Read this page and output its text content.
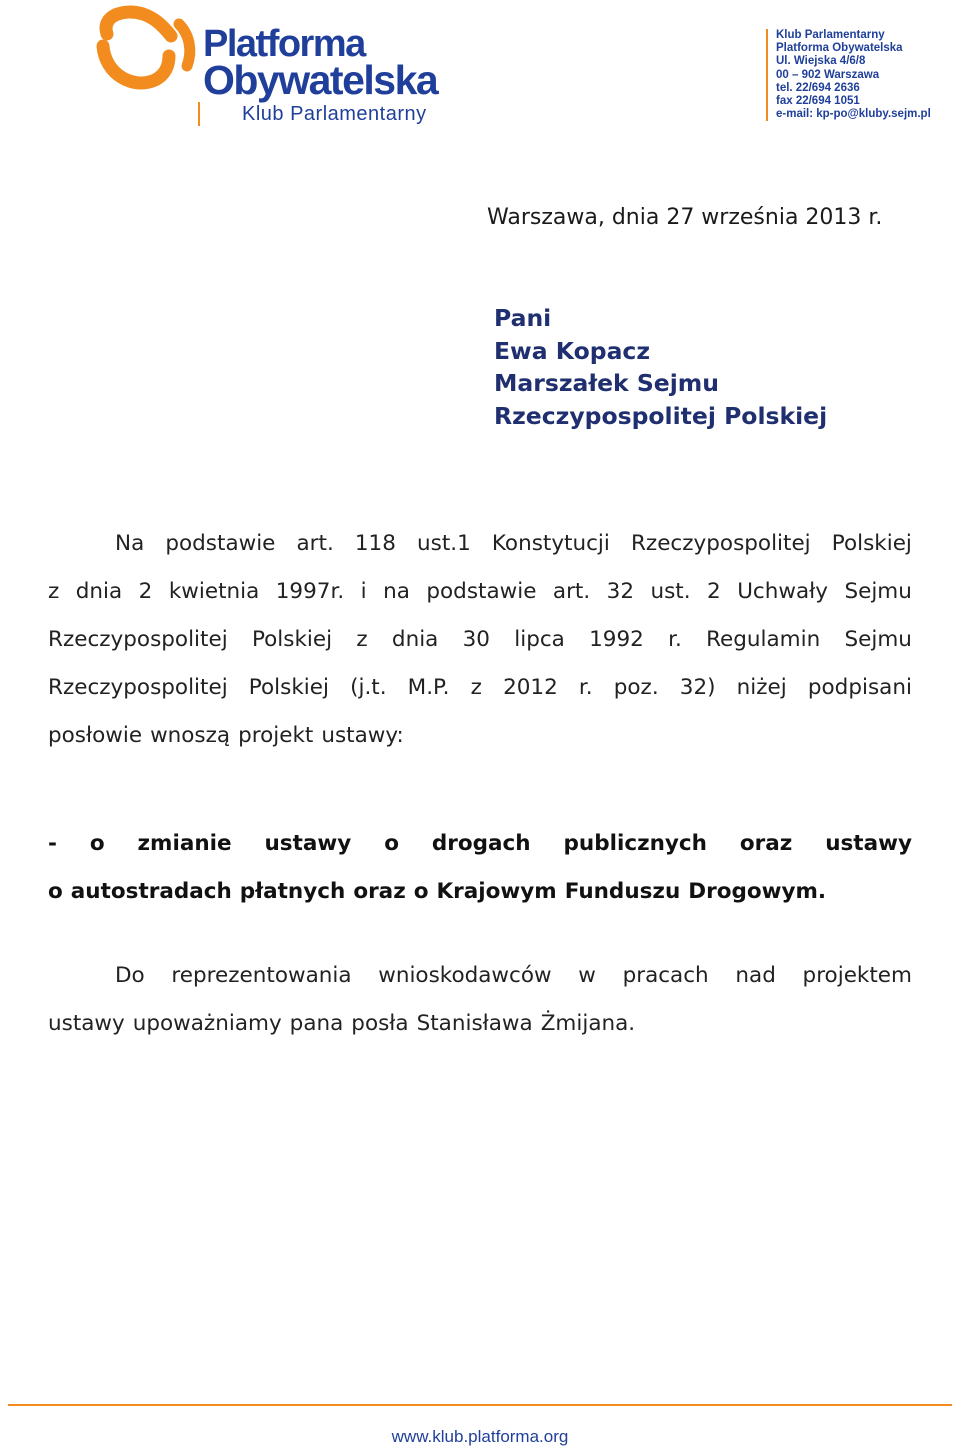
Platforma
Obywatelska
Klub Parlamentarny
Klub Parlamentarny
Platforma Obywatelska
Ul. Wiejska 4/6/8
00 – 902 Warszawa
tel. 22/694 2636
fax 22/694 1051
e-mail: kp-po@kluby.sejm.pl
Warszawa, dnia 27 września 2013 r.
Pani
Ewa Kopacz
Marszałek Sejmu
Rzeczypospolitej Polskiej
Na podstawie art. 118 ust.1 Konstytucji Rzeczypospolitej Polskiej
z dnia 2 kwietnia 1997r. i na podstawie art. 32 ust. 2 Uchwały Sejmu
Rzeczypospolitej Polskiej z dnia 30 lipca 1992 r. Regulamin Sejmu
Rzeczypospolitej Polskiej (j.t. M.P. z 2012 r. poz. 32) niżej podpisani
posłowie wnoszą projekt ustawy:
- o zmianie ustawy o drogach publicznych oraz ustawy
o autostradach płatnych oraz o Krajowym Funduszu Drogowym.
Do reprezentowania wnioskodawców w pracach nad projektem
ustawy upoważniamy pana posła Stanisława Żmijana.
www.klub.platforma.org
